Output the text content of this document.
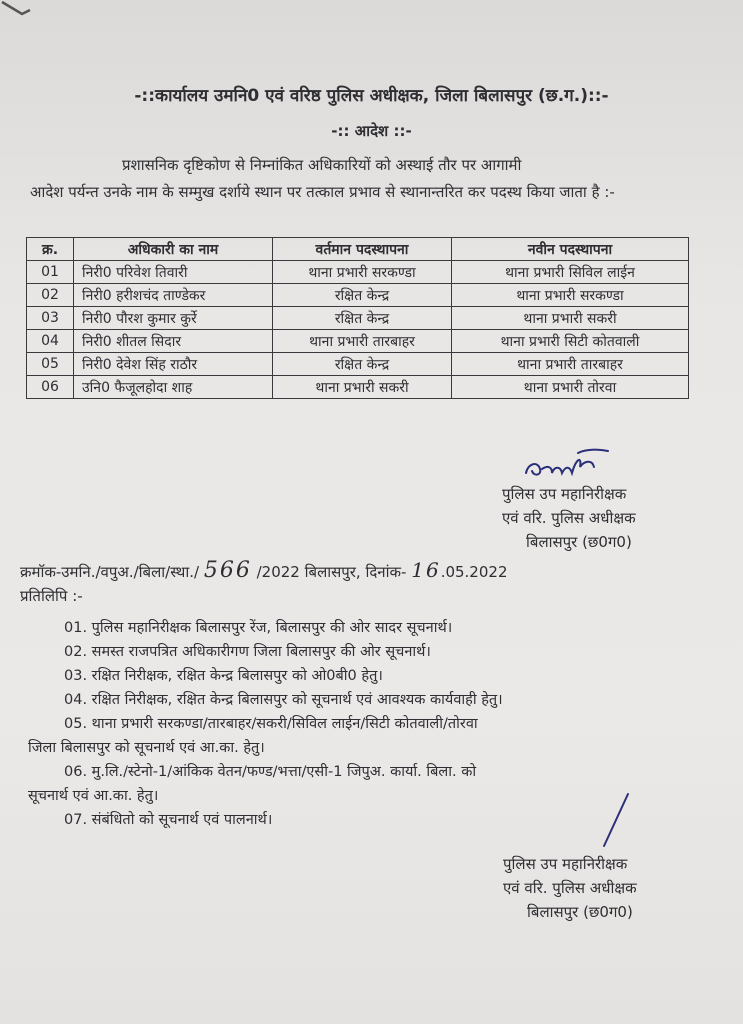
-::कार्यालय उमनि0 एवं वरिष्ठ पुलिस अधीक्षक, जिला बिलासपुर (छ.ग.)::-
-:: आदेश ::-
प्रशासनिक दृष्टिकोण से निम्नांकित अधिकारियों को अस्थाई तौर पर आगामी
आदेश पर्यन्त उनके नाम के सम्मुख दर्शाये स्थान पर तत्काल प्रभाव से स्थानान्तरित कर पदस्थ किया जाता है :-
क्र.	अधिकारी का नाम	वर्तमान पदस्थापना	नवीन पदस्थापना
01	निरी0 परिवेश तिवारी	थाना प्रभारी सरकण्डा	थाना प्रभारी सिविल लाईन
02	निरी0 हरीशचंद ताण्डेकर	रक्षित केन्द्र	थाना प्रभारी सरकण्डा
03	निरी0 पौरश कुमार कुर्रे	रक्षित केन्द्र	थाना प्रभारी सकरी
04	निरी0 शीतल सिदार	थाना प्रभारी तारबाहर	थाना प्रभारी सिटी कोतवाली
05	निरी0 देवेश सिंह राठौर	रक्षित केन्द्र	थाना प्रभारी तारबाहर
06	उनि0 फैजूलहोदा शाह	थाना प्रभारी सकरी	थाना प्रभारी तोरवा
पुलिस उप महानिरीक्षक
एवं वरि. पुलिस अधीक्षक
बिलासपुर (छ0ग0)
क्रमॉक-उमनि./वपुअ./बिला/स्था./ 566 /2022 बिलासपुर, दिनांक- 16.05.2022
प्रतिलिपि :-
01. पुलिस महानिरीक्षक बिलासपुर रेंज, बिलासपुर की ओर सादर सूचनार्थ।
02. समस्त राजपत्रित अधिकारीगण जिला बिलासपुर की ओर सूचनार्थ।
03. रक्षित निरीक्षक, रक्षित केन्द्र बिलासपुर को ओ0बी0 हेतु।
04. रक्षित निरीक्षक, रक्षित केन्द्र बिलासपुर को सूचनार्थ एवं आवश्यक कार्यवाही हेतु।
05. थाना प्रभारी सरकण्डा/तारबाहर/सकरी/सिविल लाईन/सिटी कोतवाली/तोरवा
जिला बिलासपुर को सूचनार्थ एवं आ.का. हेतु।
06. मु.लि./स्टेनो-1/आंकिक वेतन/फण्ड/भत्ता/एसी-1 जिपुअ. कार्या. बिला. को
सूचनार्थ एवं आ.का. हेतु।
07. संबंधितो को सूचनार्थ एवं पालनार्थ।
पुलिस उप महानिरीक्षक
एवं वरि. पुलिस अधीक्षक
बिलासपुर (छ0ग0)
